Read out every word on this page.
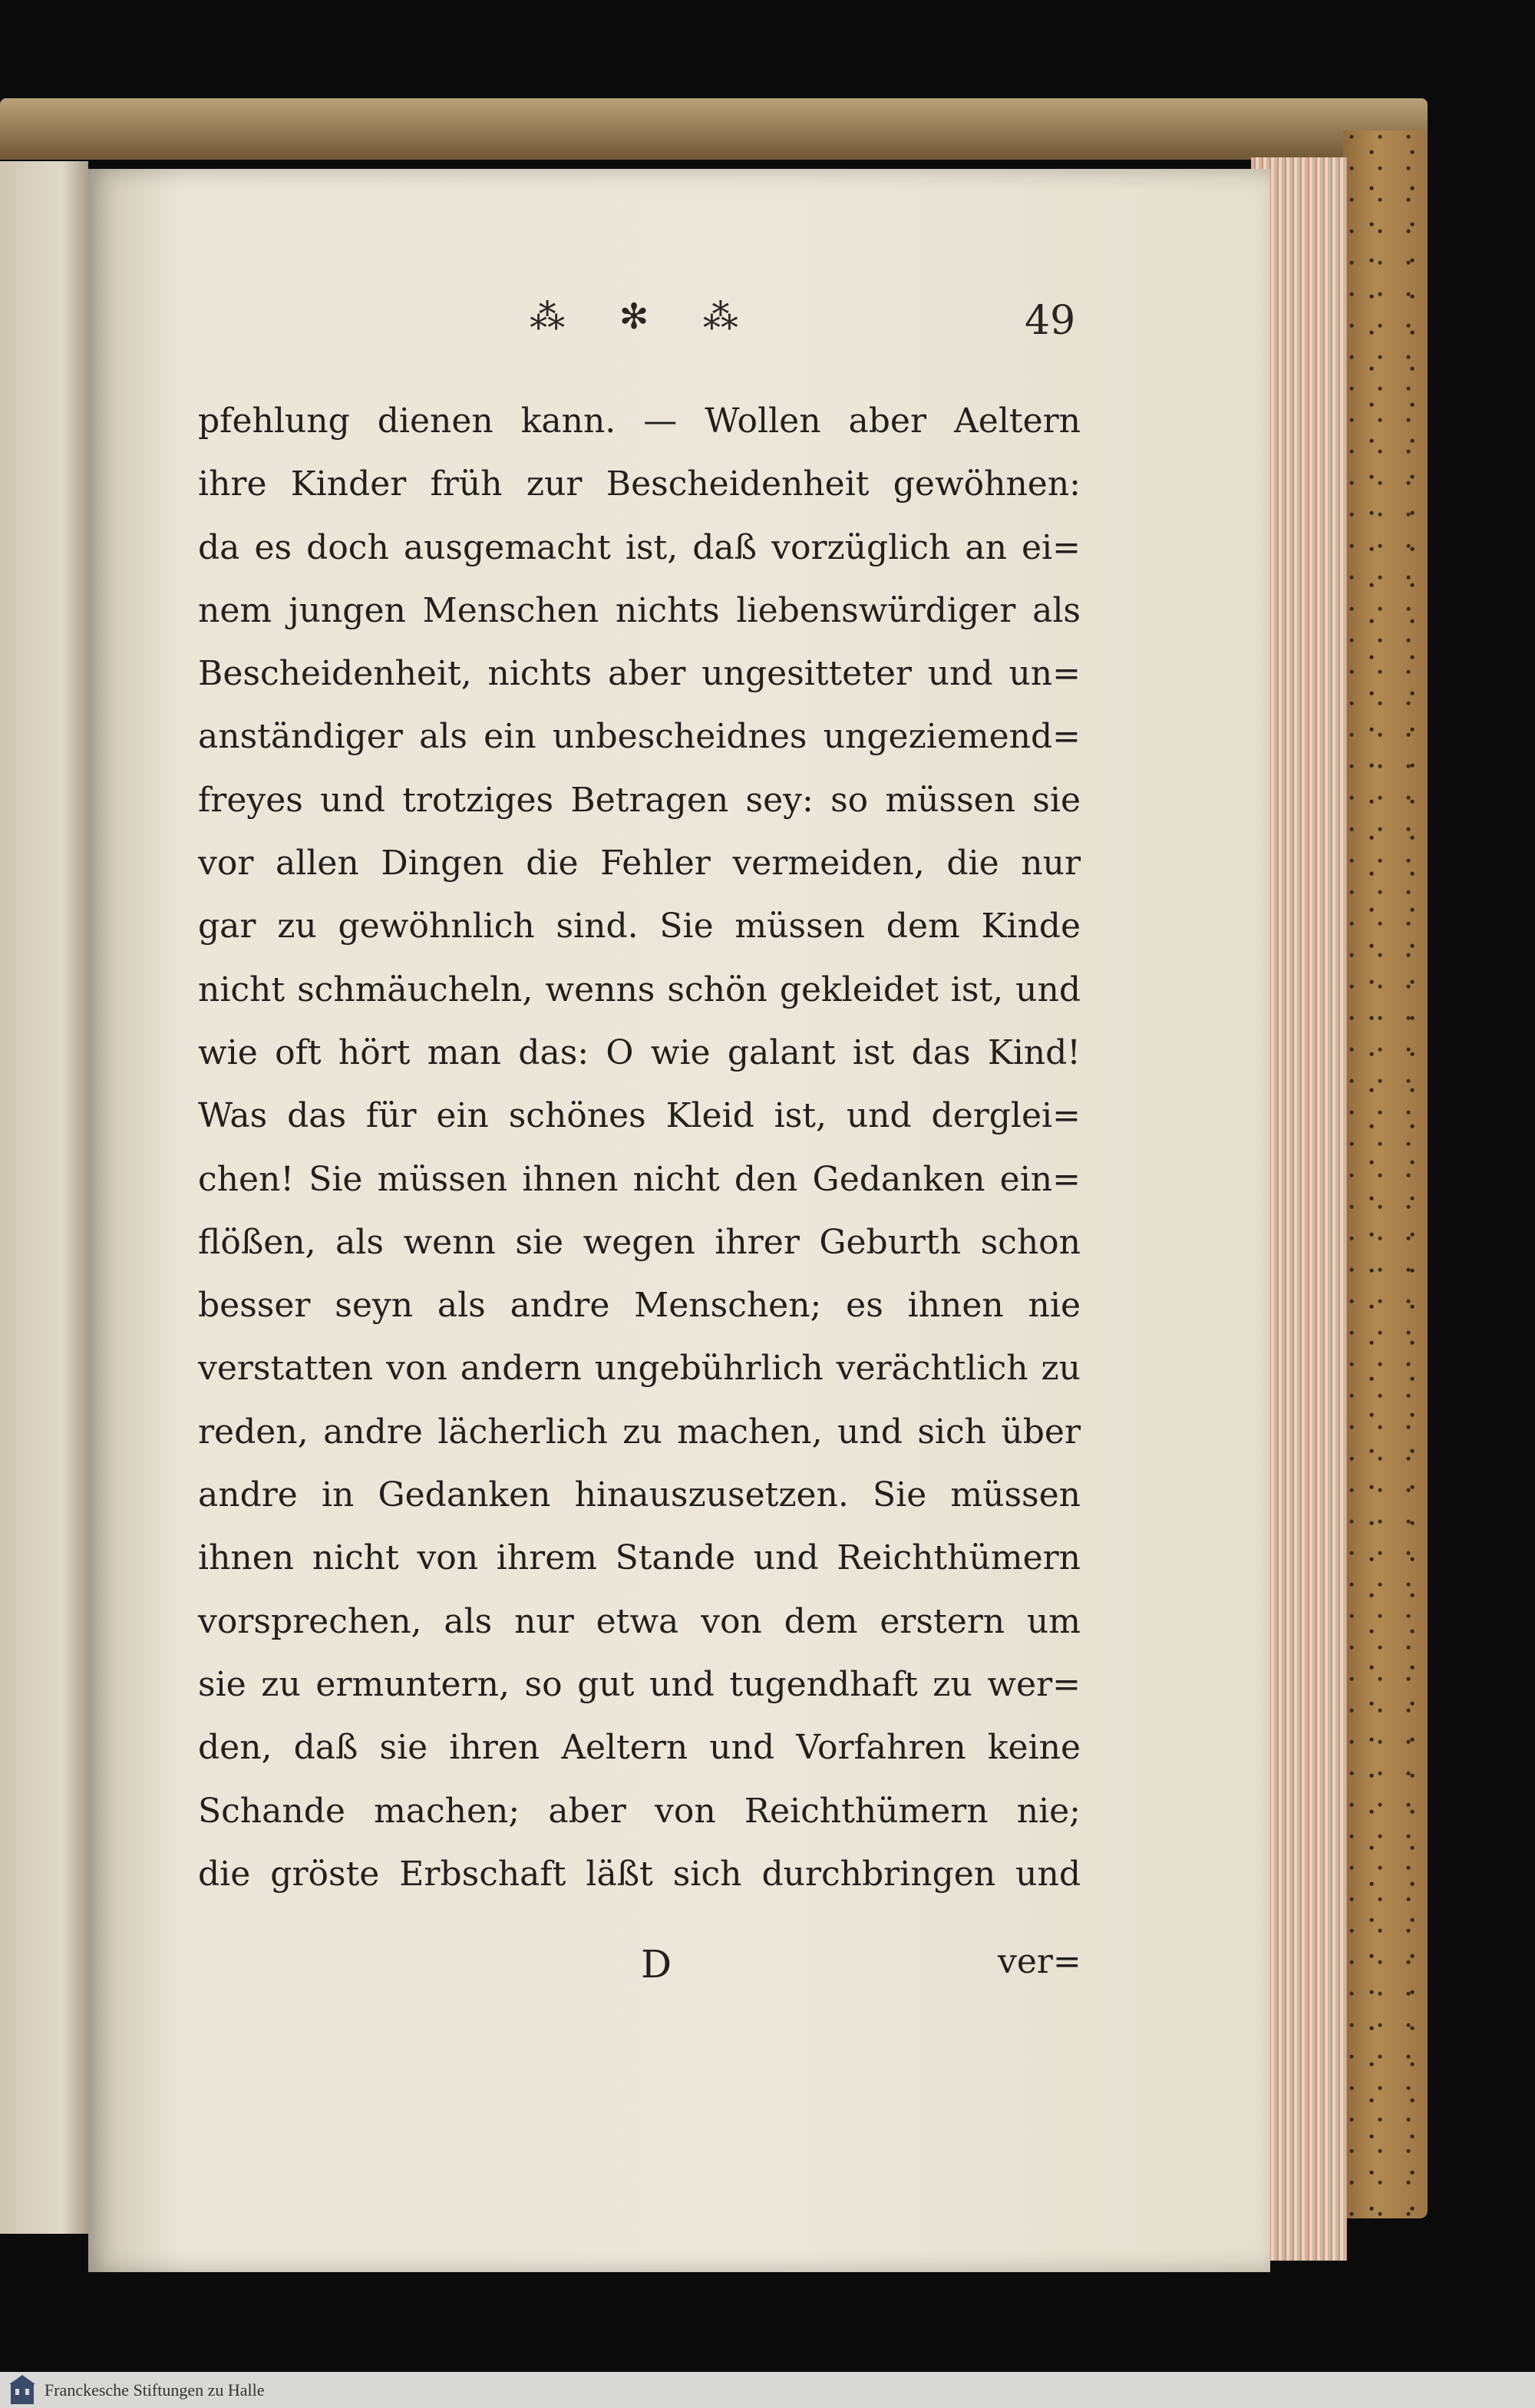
⁂ ✻ ⁂	49
pfehlung dienen kann. — Wollen aber Aeltern
ihre Kinder früh zur Bescheidenheit gewöhnen:
da es doch ausgemacht ist, daß vorzüglich an ei=
nem jungen Menschen nichts liebenswürdiger als
Bescheidenheit, nichts aber ungesitteter und un=
anständiger als ein unbescheidnes ungeziemend=
freyes und trotziges Betragen sey: so müssen sie
vor allen Dingen die Fehler vermeiden, die nur
gar zu gewöhnlich sind. Sie müssen dem Kinde
nicht schmäucheln, wenns schön gekleidet ist, und
wie oft hört man das: O wie galant ist das Kind!
Was das für ein schönes Kleid ist, und derglei=
chen! Sie müssen ihnen nicht den Gedanken ein=
flößen, als wenn sie wegen ihrer Geburth schon
besser seyn als andre Menschen; es ihnen nie
verstatten von andern ungebührlich verächtlich zu
reden, andre lächerlich zu machen, und sich über
andre in Gedanken hinauszusetzen. Sie müssen
ihnen nicht von ihrem Stande und Reichthümern
vorsprechen, als nur etwa von dem erstern um
sie zu ermuntern, so gut und tugendhaft zu wer=
den, daß sie ihren Aeltern und Vorfahren keine
Schande machen; aber von Reichthümern nie;
die gröste Erbschaft läßt sich durchbringen und
D	ver=
Franckesche Stiftungen zu Halle
